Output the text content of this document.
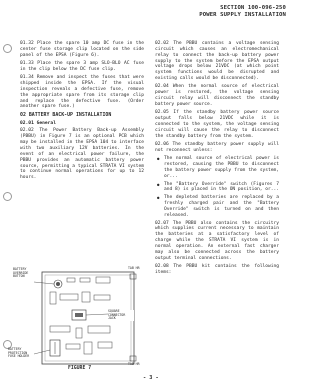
SECTION 100-096-250
POWER SUPPLY INSTALLATION

01.32 Place the spare 10 amp DC fuse in the center fuse storage clip located on the side panel of the EPSA (Figure 6).

01.33 Place the spare 3 amp SLO-BLO AC fuse in the clip below the DC fuse clip.

01.34 Remove and inspect the fuses that were shipped inside the EPSA. If the visual inspection reveals a defective fuse, remove the appropriate spare from its storage clip and replace the defective fuse. (Order another spare fuse.)

02 BATTERY BACK-UP INSTALLATION
02.01 General

02.02 The Power Battery Back-up Assembly (PBBU) in Figure 7 is an optional PCB which may be installed in the EPSA 104 to interface with two auxiliary 12V batteries. In the event of an electrical power failure, the PBBU provides an automatic battery power source, permitting a typical STRATA VI system to continue normal operations for up to 12 hours.

02.02 The PBBU contains a voltage sensing circuit which causes an electromechanical relay to connect the back-up battery power supply to the system before the EPSA output voltage drops below 21VDC (at which point system functions would be disrupted and existing calls would be disconnected).

02.04 When the normal source of electrical power is restored, the voltage sensing circuit relay will disconnect the standby battery power source.

02.05 If the standby battery power source output falls below 21VDC while it is connected to the system, the voltage sensing circuit will cause the relay to disconnect the standby battery from the system.

02.06 The standby battery power supply will not reconnect unless:

● The normal source of electrical power is restored, causing the PBBU to disconnect the battery power supply from the system, or...
● The "Battery Override" switch (Figures 7 and 8) is placed in the ON position, or...
● The depleted batteries are replaced by a freshly charged pair and the "Battery Override" switch is turned on and then released.

02.07 The PBBU also contains the circuitry which supplies current necessary to maintain the batteries at a satisfactory level of charge while the STRATA VI system is in normal operation. An external fast charger may also be connected across the battery output terminal connections.

02.08 The PBBU kit contains the following items:

BATTERY OVERRIDE BUTTON
SQUARE CONNECTOR JACK
BATTERY PROTECTION FUSE HOLDER
TAB HR
TAB HR
FIGURE 7
- 3 -
